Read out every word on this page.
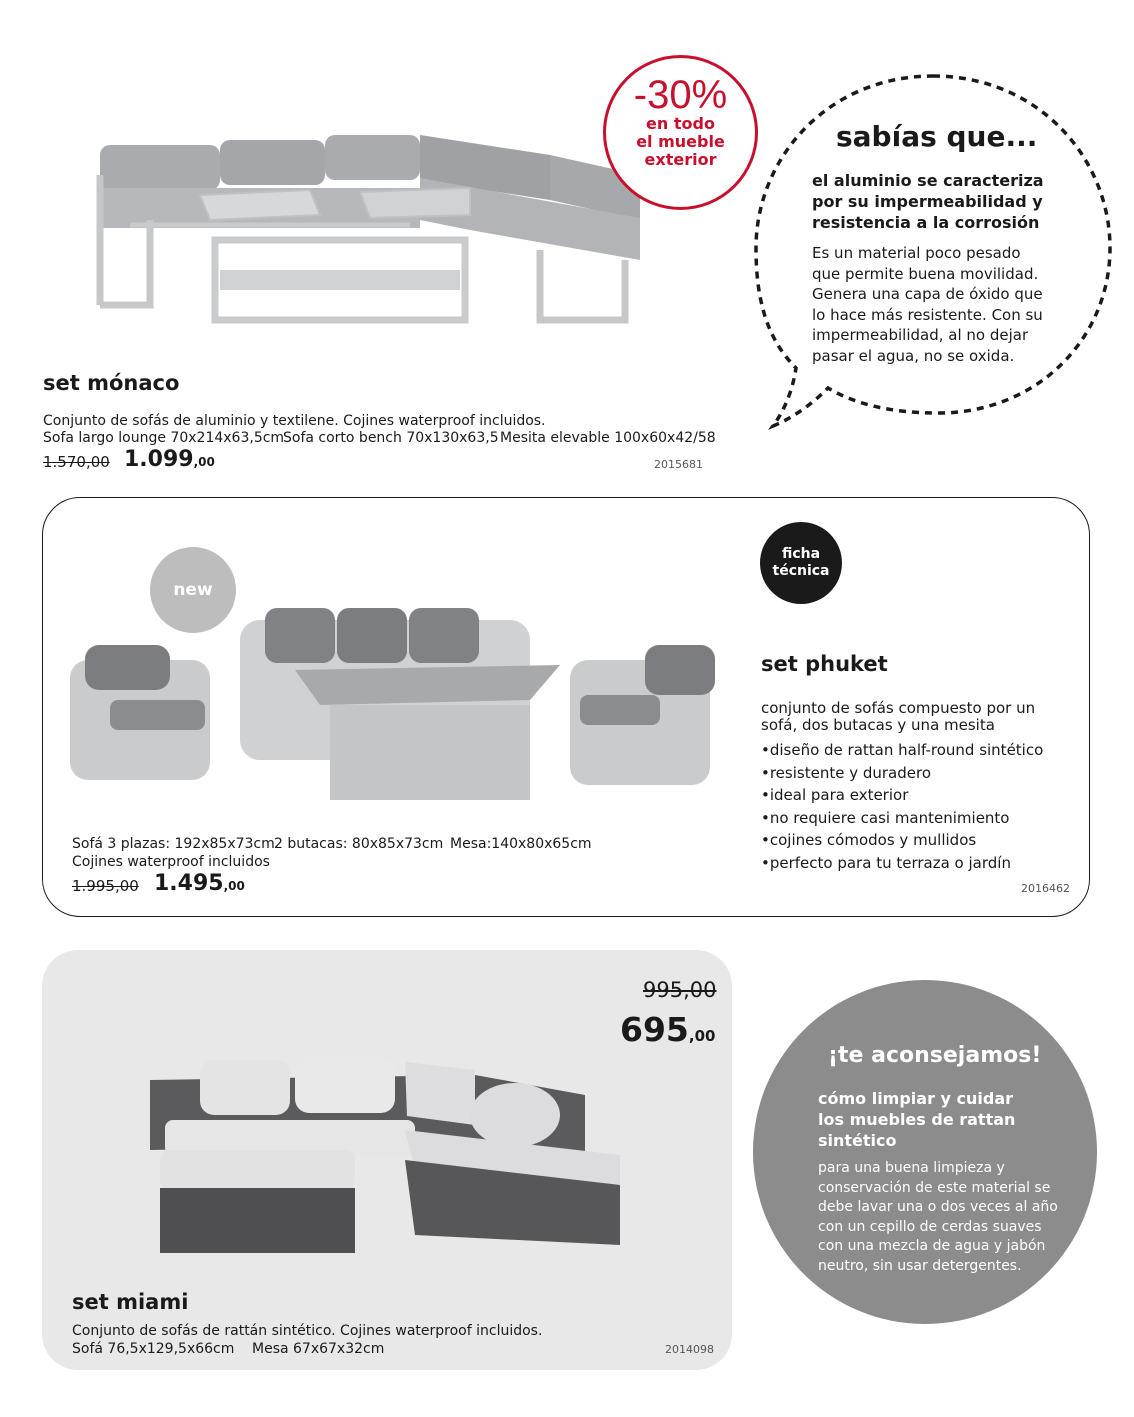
set mónaco
Conjunto de sofás de aluminio y textilene. Cojines waterproof incluidos.
Sofa largo lounge 70x214x63,5cm
Sofa corto bench 70x130x63,5 Mesita elevable 100x60x42/58
1.570,00 1.099,00	2015681
-30%
en todo
el mueble
exterior
sabías que...
el aluminio se caracteriza
por su impermeabilidad y
resistencia a la corrosión
Es un material poco pesado
que permite buena movilidad.
Genera una capa de óxido que
lo hace más resistente. Con su
impermeabilidad, al no dejar
pasar el agua, no se oxida.
new
ficha
técnica
set phuket
conjunto de sofás compuesto por un
sofá, dos butacas y una mesita
•diseño de rattan half-round sintético
•resistente y duradero
•ideal para exterior
•no requiere casi mantenimiento
•cojines cómodos y mullidos
•perfecto para tu terraza o jardín
Sofá 3 plazas: 192x85x73cm 2 butacas: 80x85x73cm Mesa:140x80x65cm
Cojines waterproof incluidos
1.995,00 1.495,00	2016462
995,00
695,00
set miami
Conjunto de sofás de rattán sintético. Cojines waterproof incluidos.
Sofá 76,5x129,5x66cm Mesa 67x67x32cm	2014098
¡te aconsejamos!
cómo limpiar y cuidar
los muebles de rattan
sintético
para una buena limpieza y
conservación de este material se
debe lavar una o dos veces al año
con un cepillo de cerdas suaves
con una mezcla de agua y jabón
neutro, sin usar detergentes.
